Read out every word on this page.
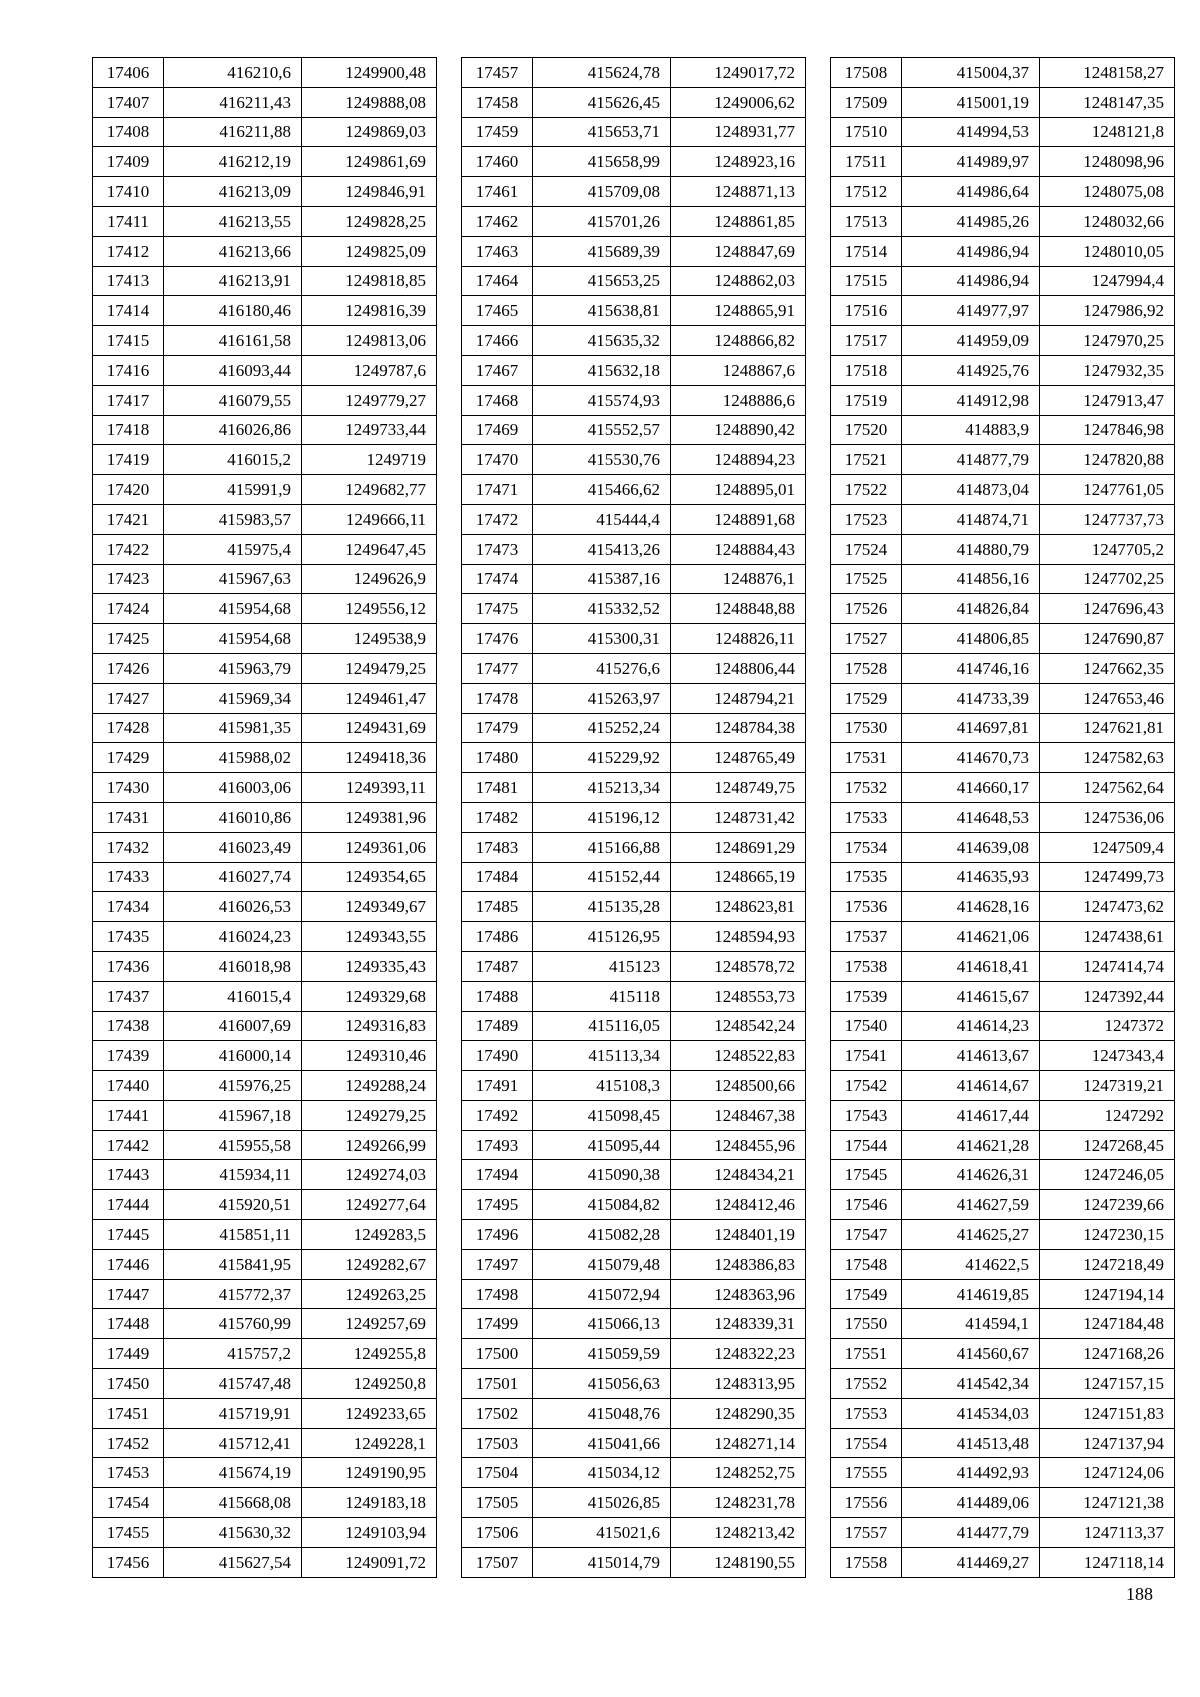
17406	416210,6	1249900,48
17407	416211,43	1249888,08
17408	416211,88	1249869,03
17409	416212,19	1249861,69
17410	416213,09	1249846,91
17411	416213,55	1249828,25
17412	416213,66	1249825,09
17413	416213,91	1249818,85
17414	416180,46	1249816,39
17415	416161,58	1249813,06
17416	416093,44	1249787,6
17417	416079,55	1249779,27
17418	416026,86	1249733,44
17419	416015,2	1249719
17420	415991,9	1249682,77
17421	415983,57	1249666,11
17422	415975,4	1249647,45
17423	415967,63	1249626,9
17424	415954,68	1249556,12
17425	415954,68	1249538,9
17426	415963,79	1249479,25
17427	415969,34	1249461,47
17428	415981,35	1249431,69
17429	415988,02	1249418,36
17430	416003,06	1249393,11
17431	416010,86	1249381,96
17432	416023,49	1249361,06
17433	416027,74	1249354,65
17434	416026,53	1249349,67
17435	416024,23	1249343,55
17436	416018,98	1249335,43
17437	416015,4	1249329,68
17438	416007,69	1249316,83
17439	416000,14	1249310,46
17440	415976,25	1249288,24
17441	415967,18	1249279,25
17442	415955,58	1249266,99
17443	415934,11	1249274,03
17444	415920,51	1249277,64
17445	415851,11	1249283,5
17446	415841,95	1249282,67
17447	415772,37	1249263,25
17448	415760,99	1249257,69
17449	415757,2	1249255,8
17450	415747,48	1249250,8
17451	415719,91	1249233,65
17452	415712,41	1249228,1
17453	415674,19	1249190,95
17454	415668,08	1249183,18
17455	415630,32	1249103,94
17456	415627,54	1249091,72
17457	415624,78	1249017,72
17458	415626,45	1249006,62
17459	415653,71	1248931,77
17460	415658,99	1248923,16
17461	415709,08	1248871,13
17462	415701,26	1248861,85
17463	415689,39	1248847,69
17464	415653,25	1248862,03
17465	415638,81	1248865,91
17466	415635,32	1248866,82
17467	415632,18	1248867,6
17468	415574,93	1248886,6
17469	415552,57	1248890,42
17470	415530,76	1248894,23
17471	415466,62	1248895,01
17472	415444,4	1248891,68
17473	415413,26	1248884,43
17474	415387,16	1248876,1
17475	415332,52	1248848,88
17476	415300,31	1248826,11
17477	415276,6	1248806,44
17478	415263,97	1248794,21
17479	415252,24	1248784,38
17480	415229,92	1248765,49
17481	415213,34	1248749,75
17482	415196,12	1248731,42
17483	415166,88	1248691,29
17484	415152,44	1248665,19
17485	415135,28	1248623,81
17486	415126,95	1248594,93
17487	415123	1248578,72
17488	415118	1248553,73
17489	415116,05	1248542,24
17490	415113,34	1248522,83
17491	415108,3	1248500,66
17492	415098,45	1248467,38
17493	415095,44	1248455,96
17494	415090,38	1248434,21
17495	415084,82	1248412,46
17496	415082,28	1248401,19
17497	415079,48	1248386,83
17498	415072,94	1248363,96
17499	415066,13	1248339,31
17500	415059,59	1248322,23
17501	415056,63	1248313,95
17502	415048,76	1248290,35
17503	415041,66	1248271,14
17504	415034,12	1248252,75
17505	415026,85	1248231,78
17506	415021,6	1248213,42
17507	415014,79	1248190,55
17508	415004,37	1248158,27
17509	415001,19	1248147,35
17510	414994,53	1248121,8
17511	414989,97	1248098,96
17512	414986,64	1248075,08
17513	414985,26	1248032,66
17514	414986,94	1248010,05
17515	414986,94	1247994,4
17516	414977,97	1247986,92
17517	414959,09	1247970,25
17518	414925,76	1247932,35
17519	414912,98	1247913,47
17520	414883,9	1247846,98
17521	414877,79	1247820,88
17522	414873,04	1247761,05
17523	414874,71	1247737,73
17524	414880,79	1247705,2
17525	414856,16	1247702,25
17526	414826,84	1247696,43
17527	414806,85	1247690,87
17528	414746,16	1247662,35
17529	414733,39	1247653,46
17530	414697,81	1247621,81
17531	414670,73	1247582,63
17532	414660,17	1247562,64
17533	414648,53	1247536,06
17534	414639,08	1247509,4
17535	414635,93	1247499,73
17536	414628,16	1247473,62
17537	414621,06	1247438,61
17538	414618,41	1247414,74
17539	414615,67	1247392,44
17540	414614,23	1247372
17541	414613,67	1247343,4
17542	414614,67	1247319,21
17543	414617,44	1247292
17544	414621,28	1247268,45
17545	414626,31	1247246,05
17546	414627,59	1247239,66
17547	414625,27	1247230,15
17548	414622,5	1247218,49
17549	414619,85	1247194,14
17550	414594,1	1247184,48
17551	414560,67	1247168,26
17552	414542,34	1247157,15
17553	414534,03	1247151,83
17554	414513,48	1247137,94
17555	414492,93	1247124,06
17556	414489,06	1247121,38
17557	414477,79	1247113,37
17558	414469,27	1247118,14
188
